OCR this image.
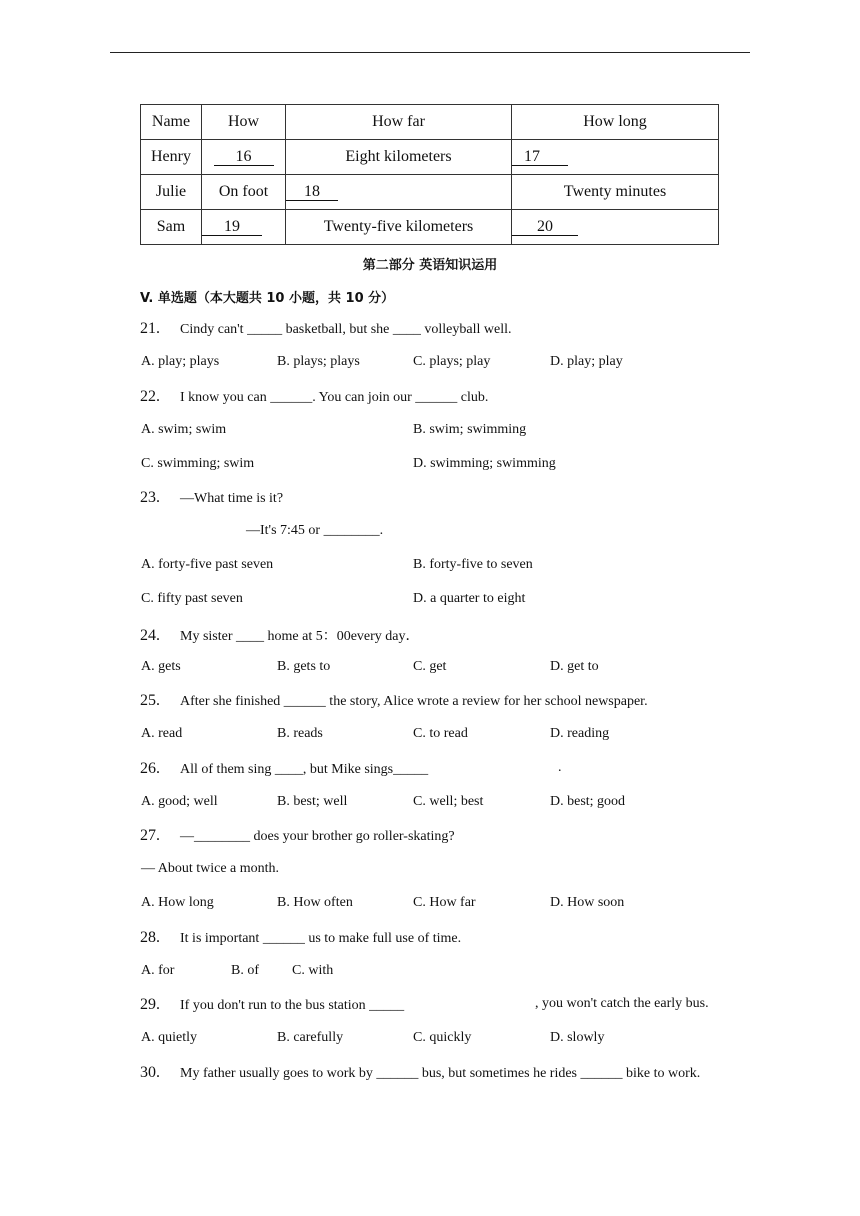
Name	How	How far	How long
Henry	16	Eight kilometers	17
Julie	On foot	18	Twenty minutes
Sam	19	Twenty-five kilometers	20
第二部分 英语知识运用
V. 单选题（本大题共 10 小题，共 10 分）
21. Cindy can't _____ basketball, but she ____ volleyball well.
A. play; plays	B. plays; plays	C. plays; play	D. play; play
22. I know you can ______. You can join our ______ club.
A. swim; swim	B. swim; swimming
C. swimming; swim	D. swimming; swimming
23. —What time is it?
—It's 7:45 or ________.
A. forty-five past seven	B. forty-five to seven
C. fifty past seven	D. a quarter to eight
24. My sister ____ home at 5：00every day．
A. gets	B. gets to	C. get	D. get to
25. After she finished ______ the story, Alice wrote a review for her school newspaper.
A. read	B. reads	C. to read	D. reading
26. All of them sing ____, but Mike sings_____	.
A. good; well	B. best; well	C. well; best	D. best; good
27. —________ does your brother go roller-skating?
— About twice a month.
A. How long	B. How often	C. How far	D. How soon
28. It is important ______ us to make full use of time.
A. for	B. of C. with
29. If you don't run to the bus station _____	, you won't catch the early bus.
A. quietly	B. carefully	C. quickly	D. slowly
30. My father usually goes to work by ______ bus, but sometimes he rides ______ bike to work.
